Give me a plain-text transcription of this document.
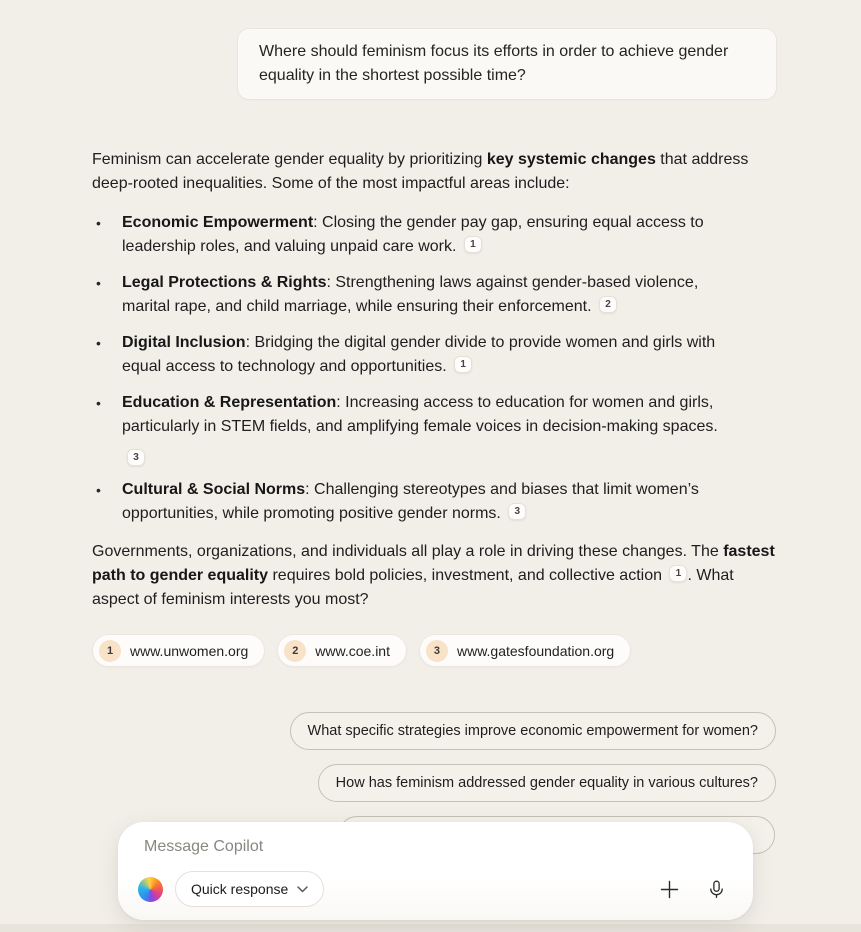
Where should feminism focus its efforts in order to achieve gender equality in the shortest possible time?

Feminism can accelerate gender equality by prioritizing key systemic changes that address deep-rooted inequalities. Some of the most impactful areas include:

• Economic Empowerment: Closing the gender pay gap, ensuring equal access to leadership roles, and valuing unpaid care work. $^1$
• Legal Protections & Rights: Strengthening laws against gender-based violence, marital rape, and child marriage, while ensuring their enforcement. $^2$
• Digital Inclusion: Bridging the digital gender divide to provide women and girls with equal access to technology and opportunities. $^1$
• Education & Representation: Increasing access to education for women and girls, particularly in STEM fields, and amplifying female voices in decision-making spaces.
3
• Cultural & Social Norms: Challenging stereotypes and biases that limit women’s opportunities, while promoting positive gender norms. $^3$

Governments, organizations, and individuals all play a role in driving these changes. The fastest path to gender equality requires bold policies, investment, and collective action $^1$ . What aspect of feminism interests you most?

1	www.unwomen.org	2	www.coe.int	3	www.gatesfoundation.org
What specific strategies improve economic empowerment for women?
How has feminism addressed gender equality in various cultures?
Message Copilot
Quick response
